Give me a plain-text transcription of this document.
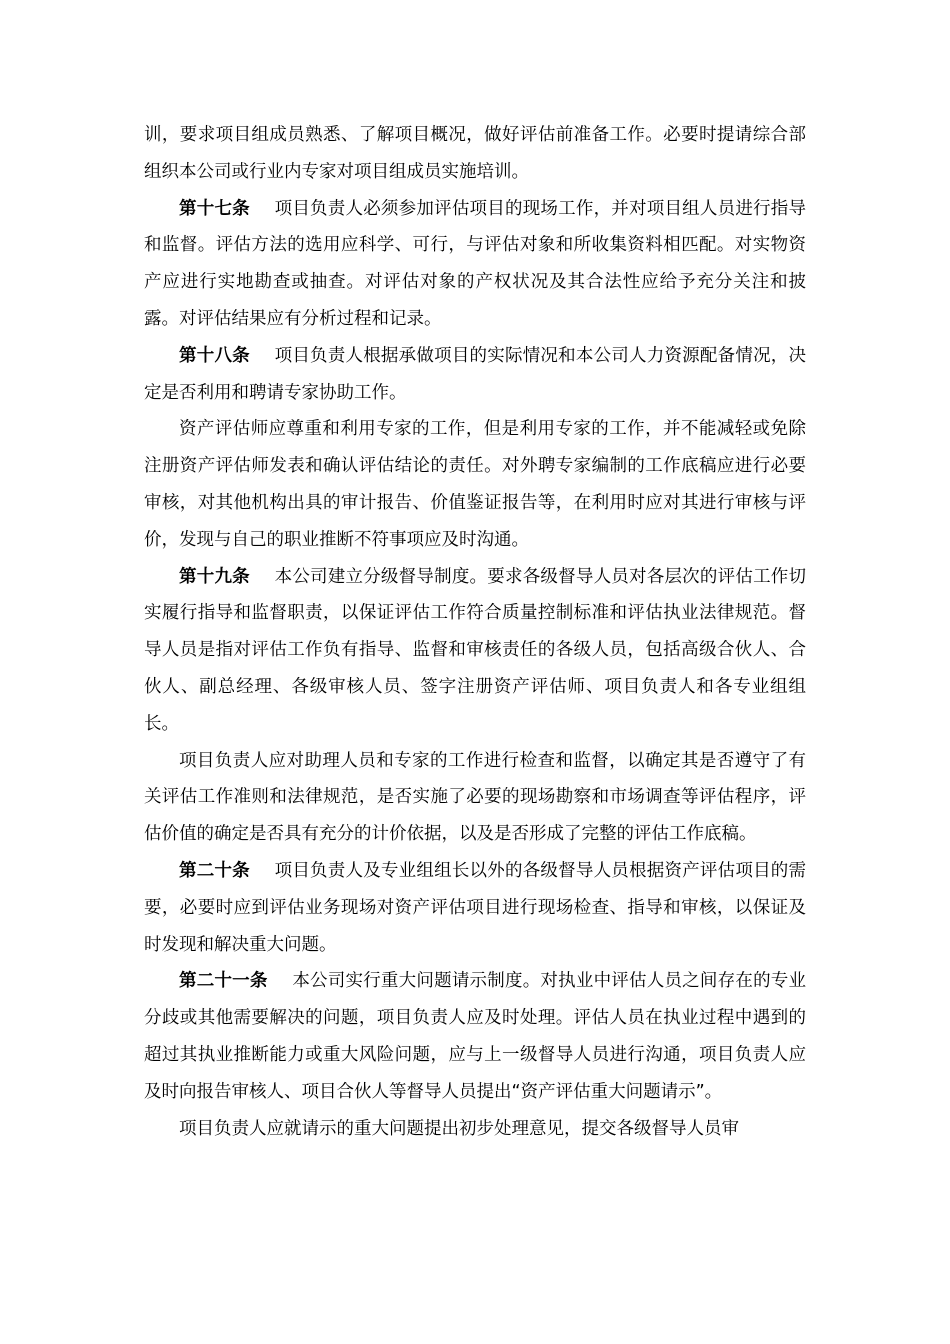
训，要求项目组成员熟悉、了解项目概况，做好评估前准备工作。必要时提请综合部组织本公司或行业内专家对项目组成员实施培训。

第十七条 项目负责人必须参加评估项目的现场工作，并对项目组人员进行指导和监督。评估方法的选用应科学、可行，与评估对象和所收集资料相匹配。对实物资产应进行实地勘查或抽查。对评估对象的产权状况及其合法性应给予充分关注和披露。对评估结果应有分析过程和记录。

第十八条 项目负责人根据承做项目的实际情况和本公司人力资源配备情况，决定是否利用和聘请专家协助工作。

资产评估师应尊重和利用专家的工作，但是利用专家的工作，并不能减轻或免除注册资产评估师发表和确认评估结论的责任。对外聘专家编制的工作底稿应进行必要审核，对其他机构出具的审计报告、价值鉴证报告等，在利用时应对其进行审核与评价，发现与自己的职业推断不符事项应及时沟通。

第十九条 本公司建立分级督导制度。要求各级督导人员对各层次的评估工作切实履行指导和监督职责，以保证评估工作符合质量控制标准和评估执业法律规范。督导人员是指对评估工作负有指导、监督和审核责任的各级人员，包括高级合伙人、合伙人、副总经理、各级审核人员、签字注册资产评估师、项目负责人和各专业组组长。

项目负责人应对助理人员和专家的工作进行检查和监督，以确定其是否遵守了有关评估工作准则和法律规范，是否实施了必要的现场勘察和市场调查等评估程序，评估价值的确定是否具有充分的计价依据，以及是否形成了完整的评估工作底稿。

第二十条 项目负责人及专业组组长以外的各级督导人员根据资产评估项目的需要，必要时应到评估业务现场对资产评估项目进行现场检查、指导和审核，以保证及时发现和解决重大问题。

第二十一条 本公司实行重大问题请示制度。对执业中评估人员之间存在的专业分歧或其他需要解决的问题，项目负责人应及时处理。评估人员在执业过程中遇到的超过其执业推断能力或重大风险问题，应与上一级督导人员进行沟通，项目负责人应及时向报告审核人、项目合伙人等督导人员提出“资产评估重大问题请示”。

项目负责人应就请示的重大问题提出初步处理意见，提交各级督导人员审
